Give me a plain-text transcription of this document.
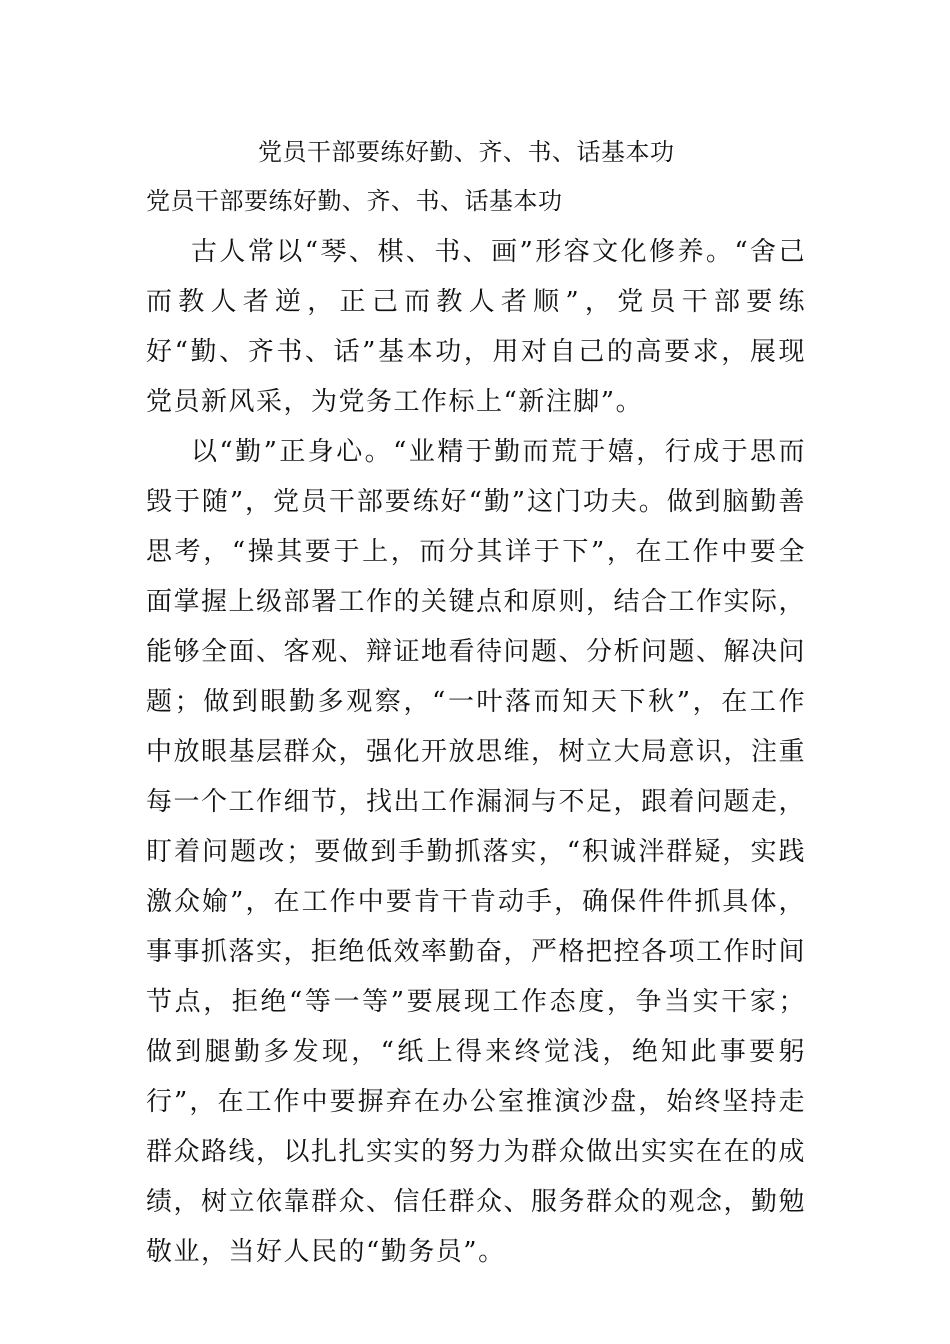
党员干部要练好勤、齐、书、话基本功
党员干部要练好勤、齐、书、话基本功

古人常以“琴、棋、书、画”形容文化修养。“舍己而教人者逆，正己而教人者顺”，党员干部要练好“勤、齐书、话”基本功，用对自己的高要求，展现党员新风采，为党务工作标上“新注脚”。

以“勤”正身心。“业精于勤而荒于嬉，行成于思而毁于随”，党员干部要练好“勤”这门功夫。做到脑勤善思考，“操其要于上，而分其详于下”，在工作中要全面掌握上级部署工作的关键点和原则，结合工作实际，能够全面、客观、辩证地看待问题、分析问题、解决问题；做到眼勤多观察，“一叶落而知天下秋”，在工作中放眼基层群众，强化开放思维，树立大局意识，注重每一个工作细节，找出工作漏洞与不足，跟着问题走，盯着问题改；要做到手勤抓落实，“积诚泮群疑，实践激众媮”，在工作中要肯干肯动手，确保件件抓具体，事事抓落实，拒绝低效率勤奋，严格把控各项工作时间节点，拒绝“等一等”要展现工作态度，争当实干家；做到腿勤多发现，“纸上得来终觉浅，绝知此事要躬行”，在工作中要摒弃在办公室推演沙盘，始终坚持走群众路线，以扎扎实实的努力为群众做出实实在在的成绩，树立依靠群众、信任群众、服务群众的观念，勤勉敬业，当好人民的“勤务员”。
